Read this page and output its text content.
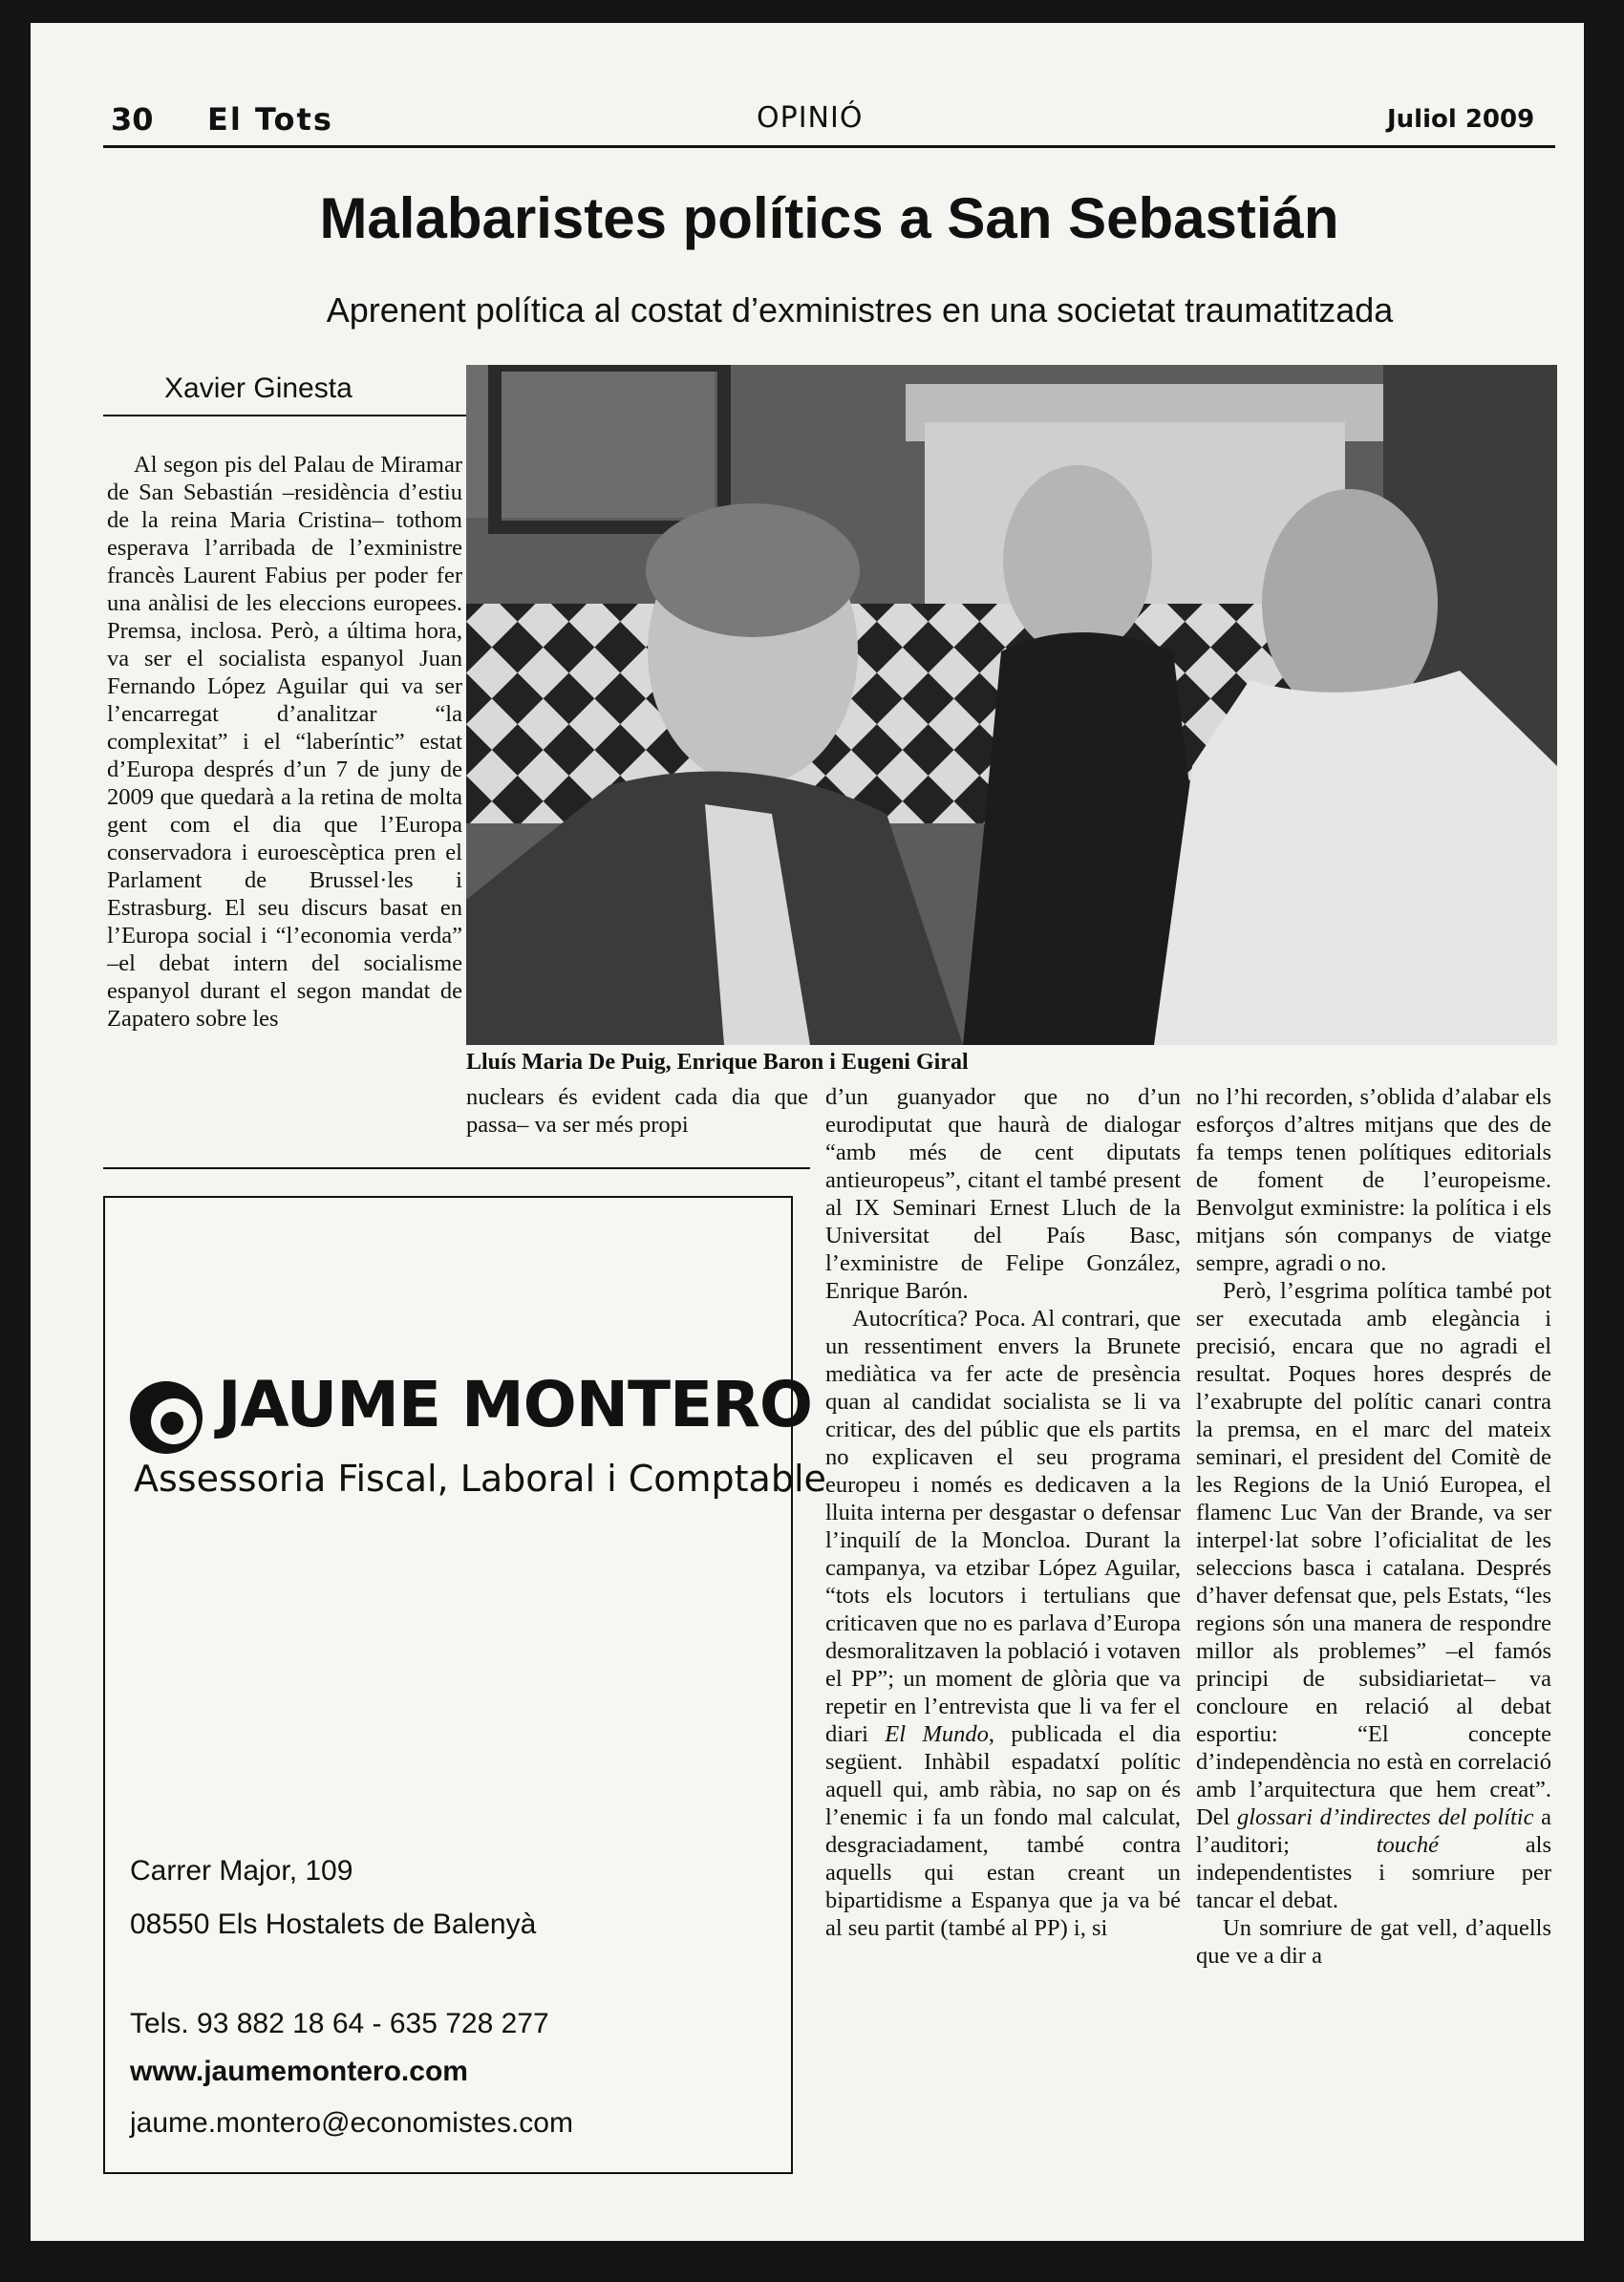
30 El Tots	OPINIÓ	Juliol 2009
Malabaristes polítics a San Sebastián
Aprenent política al costat d’exministres en una societat traumatitzada
Xavier Ginesta
Lluís Maria De Puig, Enrique Baron i Eugeni Giral

Al segon pis del Palau de Miramar de San Sebastián –residència d’estiu de la reina Maria Cristina– tothom esperava l’arribada de l’exministre francès Laurent Fabius per poder fer una anàlisi de les eleccions europees. Premsa, inclosa. Però, a última hora, va ser el socialista espanyol Juan Fernando López Aguilar qui va ser l’encarregat d’analitzar “la complexitat” i el “laberíntic” estat d’Europa després d’un 7 de juny de 2009 que quedarà a la retina de molta gent com el dia que l’Europa conservadora i euroescèptica pren el Parlament de Brussel·les i Estrasburg. El seu discurs basat en l’Europa social i “l’economia verda” –el debat intern del socialisme espanyol durant el segon mandat de Zapatero sobre les

nuclears és evident cada dia que passa– va ser més propi

d’un guanyador que no d’un eurodiputat que haurà de dialogar “amb més de cent diputats antieuropeus”, citant el també present al IX Seminari Ernest Lluch de la Universitat del País Basc, l’exministre de Felipe González, Enrique Barón.

Autocrítica? Poca. Al contrari, que un ressentiment envers la Brunete mediàtica va fer acte de presència quan al candidat socialista se li va criticar, des del públic que els partits no explicaven el seu programa europeu i només es dedicaven a la lluita interna per desgastar o defensar l’inquilí de la Moncloa. Durant la campanya, va etzibar López Aguilar, “tots els locutors i tertulians que criticaven que no es parlava d’Europa desmoralitzaven la població i votaven el PP”; un moment de glòria que va repetir en l’entrevista que li va fer el diari El Mundo, publicada el dia següent. Inhàbil espadatxí polític aquell qui, amb ràbia, no sap on és l’enemic i fa un fondo mal calculat, desgraciadament, també contra aquells qui estan creant un bipartidisme a Espanya que ja va bé al seu partit (també al PP) i, si

no l’hi recorden, s’oblida d’alabar els esforços d’altres mitjans que des de fa temps tenen polítiques editorials de foment de l’europeisme. Benvolgut exministre: la política i els mitjans són companys de viatge sempre, agradi o no.

Però, l’esgrima política també pot ser executada amb elegància i precisió, encara que no agradi el resultat. Poques hores després de l’exabrupte del polític canari contra la premsa, en el marc del mateix seminari, el president del Comitè de les Regions de la Unió Europea, el flamenc Luc Van der Brande, va ser interpel·lat sobre l’oficialitat de les seleccions basca i catalana. Després d’haver defensat que, pels Estats, “les regions són una manera de respondre millor als problemes” –el famós principi de subsidiarietat– va concloure en relació al debat esportiu: “El concepte d’independència no està en correlació amb l’arquitectura que hem creat”. Del glossari d’indirectes del polític a l’auditori;	touché	als independentistes i somriure per tancar el debat.

Un somriure de gat vell, d’aquells que ve a dir a

JAUME MONTERO
Assessoria Fiscal, Laboral i Comptable
Carrer Major, 109
08550 Els Hostalets de Balenyà
Tels. 93 882 18 64 - 635 728 277
www.jaumemontero.com
jaume.montero@economistes.com
